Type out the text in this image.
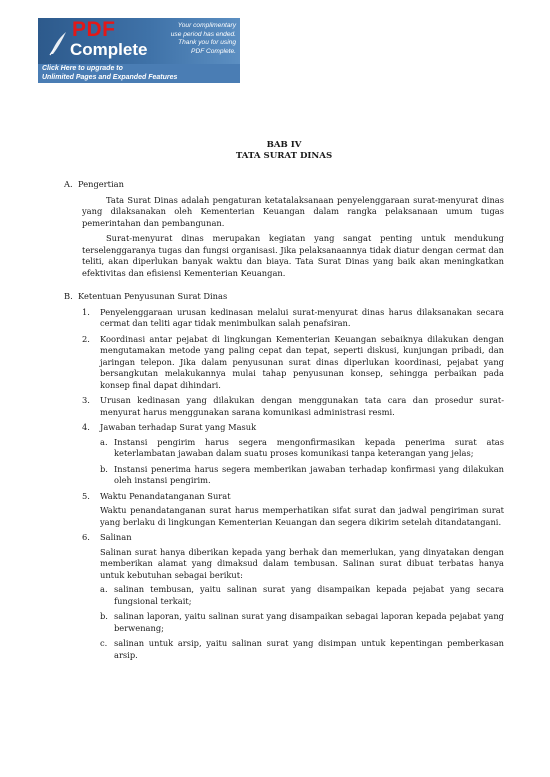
PDF
Complete
Your complimentary
use period has ended.
Thank you for using
PDF Complete.
Click Here to upgrade to
Unlimited Pages and Expanded Features
BAB IV
TATA SURAT DINAS
A. Pengertian

Tata Surat Dinas adalah pengaturan ketatalaksanaan penyelenggaraan surat-menyurat dinas yang dilaksanakan oleh Kementerian Keuangan dalam rangka pelaksanaan umum tugas pemerintahan dan pembangunan.

Surat-menyurat dinas merupakan kegiatan yang sangat penting untuk mendukung terselenggaranya tugas dan fungsi organisasi. Jika pelaksanaannya tidak diatur dengan cermat dan teliti, akan diperlukan banyak waktu dan biaya. Tata Surat Dinas yang baik akan meningkatkan efektivitas dan efisiensi Kementerian Keuangan.

B. Ketentuan Penyusunan Surat Dinas
1. Penyelenggaraan urusan kedinasan melalui surat-menyurat dinas harus dilaksanakan secara cermat dan teliti agar tidak menimbulkan salah penafsiran.
2. Koordinasi antar pejabat di lingkungan Kementerian Keuangan sebaiknya dilakukan dengan mengutamakan metode yang paling cepat dan tepat, seperti diskusi, kunjungan pribadi, dan jaringan telepon. Jika dalam penyusunan surat dinas diperlukan koordinasi, pejabat yang bersangkutan melakukannya mulai tahap penyusunan konsep, sehingga perbaikan pada konsep final dapat dihindari.
3. Urusan kedinasan yang dilakukan dengan menggunakan tata cara dan prosedur surat-menyurat harus menggunakan sarana komunikasi administrasi resmi.
4. Jawaban terhadap Surat yang Masuk
a. Instansi pengirim harus segera mengonfirmasikan kepada penerima surat atas keterlambatan jawaban dalam suatu proses komunikasi tanpa keterangan yang jelas;
b. Instansi penerima harus segera memberikan jawaban terhadap konfirmasi yang dilakukan oleh instansi pengirim.
5. Waktu Penandatanganan Surat
Waktu penandatanganan surat harus memperhatikan sifat surat dan jadwal pengiriman surat yang berlaku di lingkungan Kementerian Keuangan dan segera dikirim setelah ditandatangani.
6. Salinan
Salinan surat hanya diberikan kepada yang berhak dan memerlukan, yang dinyatakan dengan memberikan alamat yang dimaksud dalam tembusan. Salinan surat dibuat terbatas hanya untuk kebutuhan sebagai berikut:
a. salinan tembusan, yaitu salinan surat yang disampaikan kepada pejabat yang secara fungsional terkait;
b. salinan laporan, yaitu salinan surat yang disampaikan sebagai laporan kepada pejabat yang berwenang;
c. salinan untuk arsip, yaitu salinan surat yang disimpan untuk kepentingan pemberkasan arsip.
